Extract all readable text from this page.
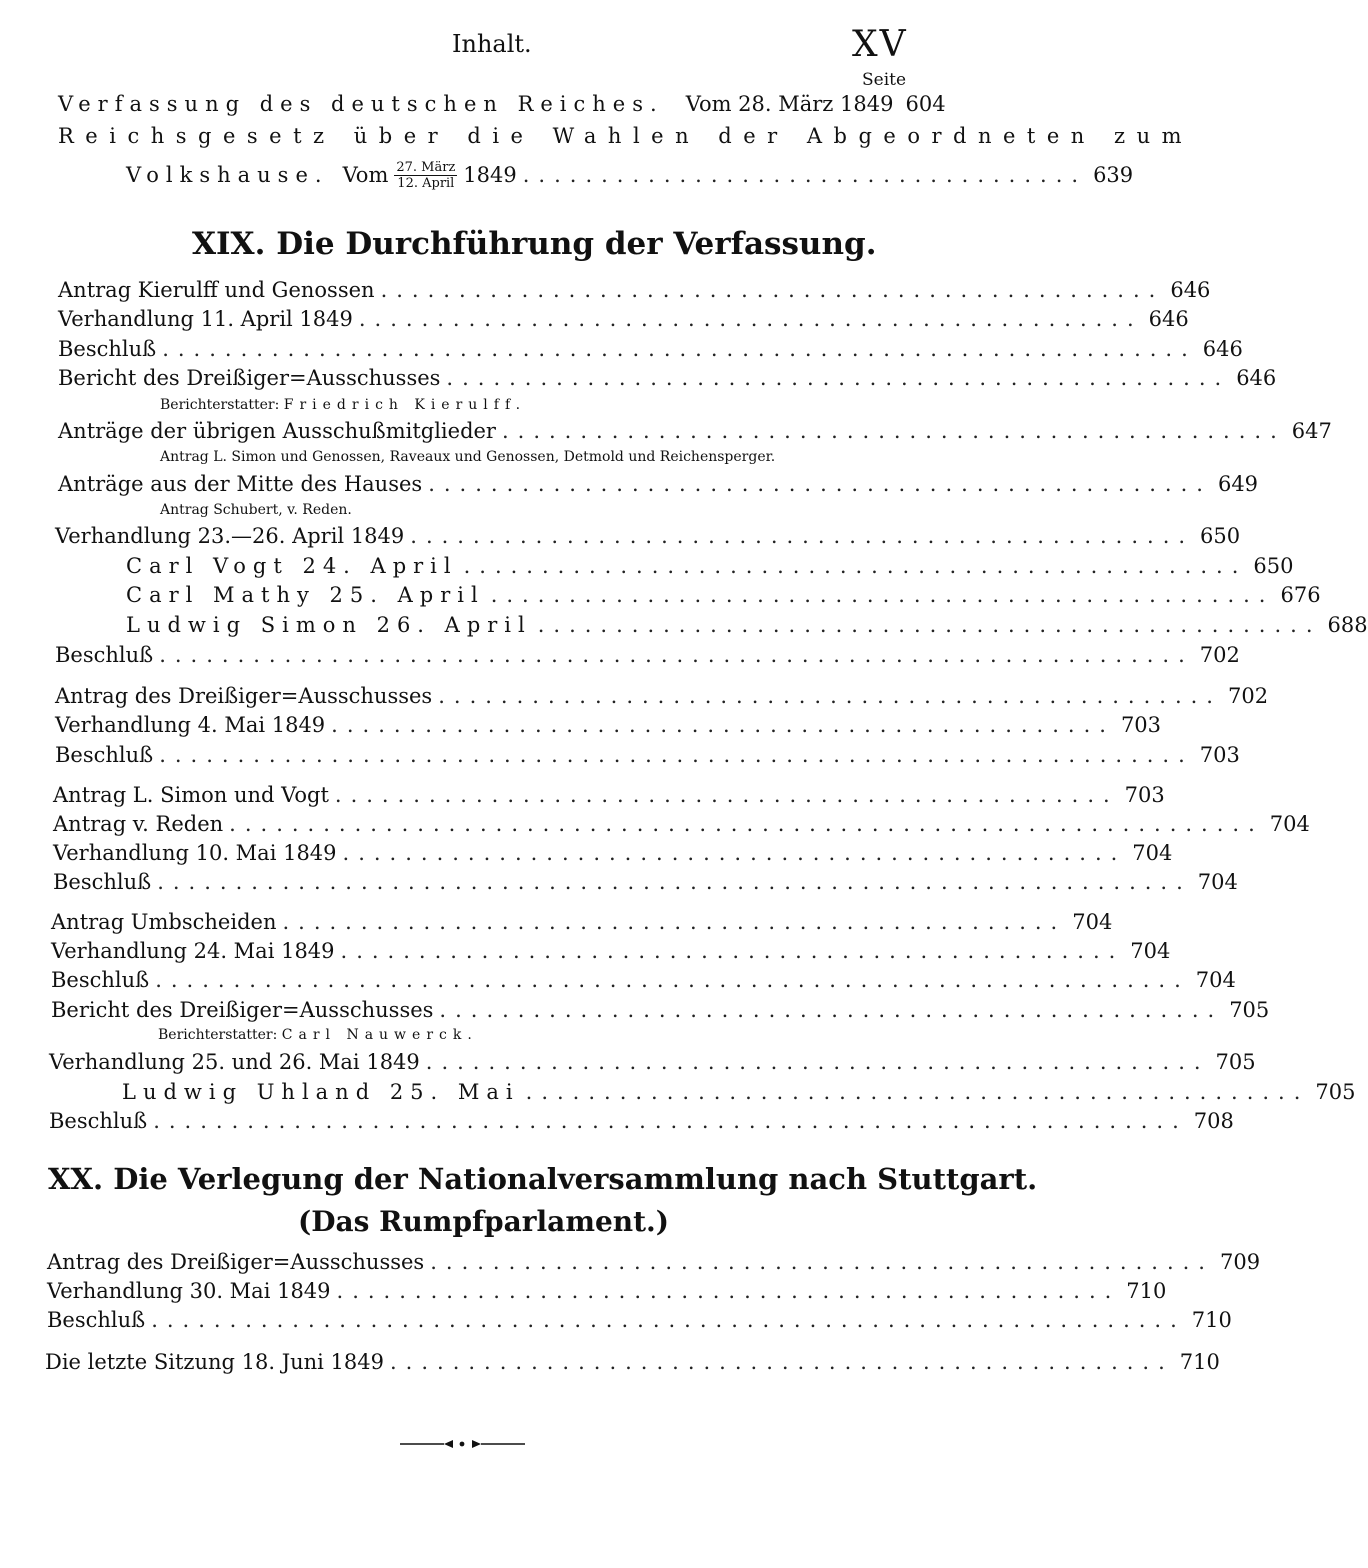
Inhalt.	XV
Seite
Verfassung des deutschen Reiches. Vom 28. März 1849 604
Reichsgesetz über die Wahlen der Abgeordneten zum
Volkshause. Vom $\frac{\text{27. März}}{\text{12. April}} 1849$ .................................... 639
XIX. Die Durchführung der Verfassung.
Antrag Kierulff und Genossen .................................................. 646
Verhandlung 11. April 1849 .................................................. 646
Beschluß .................................................................. 646
Bericht des Dreißiger=Ausschusses .................................................. 646
Berichterstatter: Friedrich Kierulff.
Anträge der übrigen Ausschußmitglieder .................................................. 647
Antrag L. Simon und Genossen, Raveaux und Genossen, Detmold und Reichensperger.
Anträge aus der Mitte des Hauses .................................................. 649
Antrag Schubert, v. Reden.
Verhandlung 23.—26. April 1849 .................................................. 650
Carl Vogt 24. April .................................................. 650
Carl Mathy 25. April .................................................. 676
Ludwig Simon 26. April .................................................. 688
Beschluß .................................................................. 702
Antrag des Dreißiger=Ausschusses .................................................. 702
Verhandlung 4. Mai 1849 .................................................. 703
Beschluß .................................................................. 703
Antrag L. Simon und Vogt .................................................. 703
Antrag v. Reden .................................................................. 704
Verhandlung 10. Mai 1849 .................................................. 704
Beschluß .................................................................. 704
Antrag Umbscheiden .................................................. 704
Verhandlung 24. Mai 1849 .................................................. 704
Beschluß .................................................................. 704
Bericht des Dreißiger=Ausschusses .................................................. 705
Berichterstatter: Carl Nauwerck.
Verhandlung 25. und 26. Mai 1849 .................................................. 705
Ludwig Uhland 25. Mai .................................................. 705
Beschluß .................................................................. 708
XX. Die Verlegung der Nationalversammlung nach Stuttgart.
(Das Rumpfparlament.)
Antrag des Dreißiger=Ausschusses .................................................. 709
Verhandlung 30. Mai 1849 .................................................. 710
Beschluß .................................................................. 710
Die letzte Sitzung 18. Juni 1849 .................................................. 710
